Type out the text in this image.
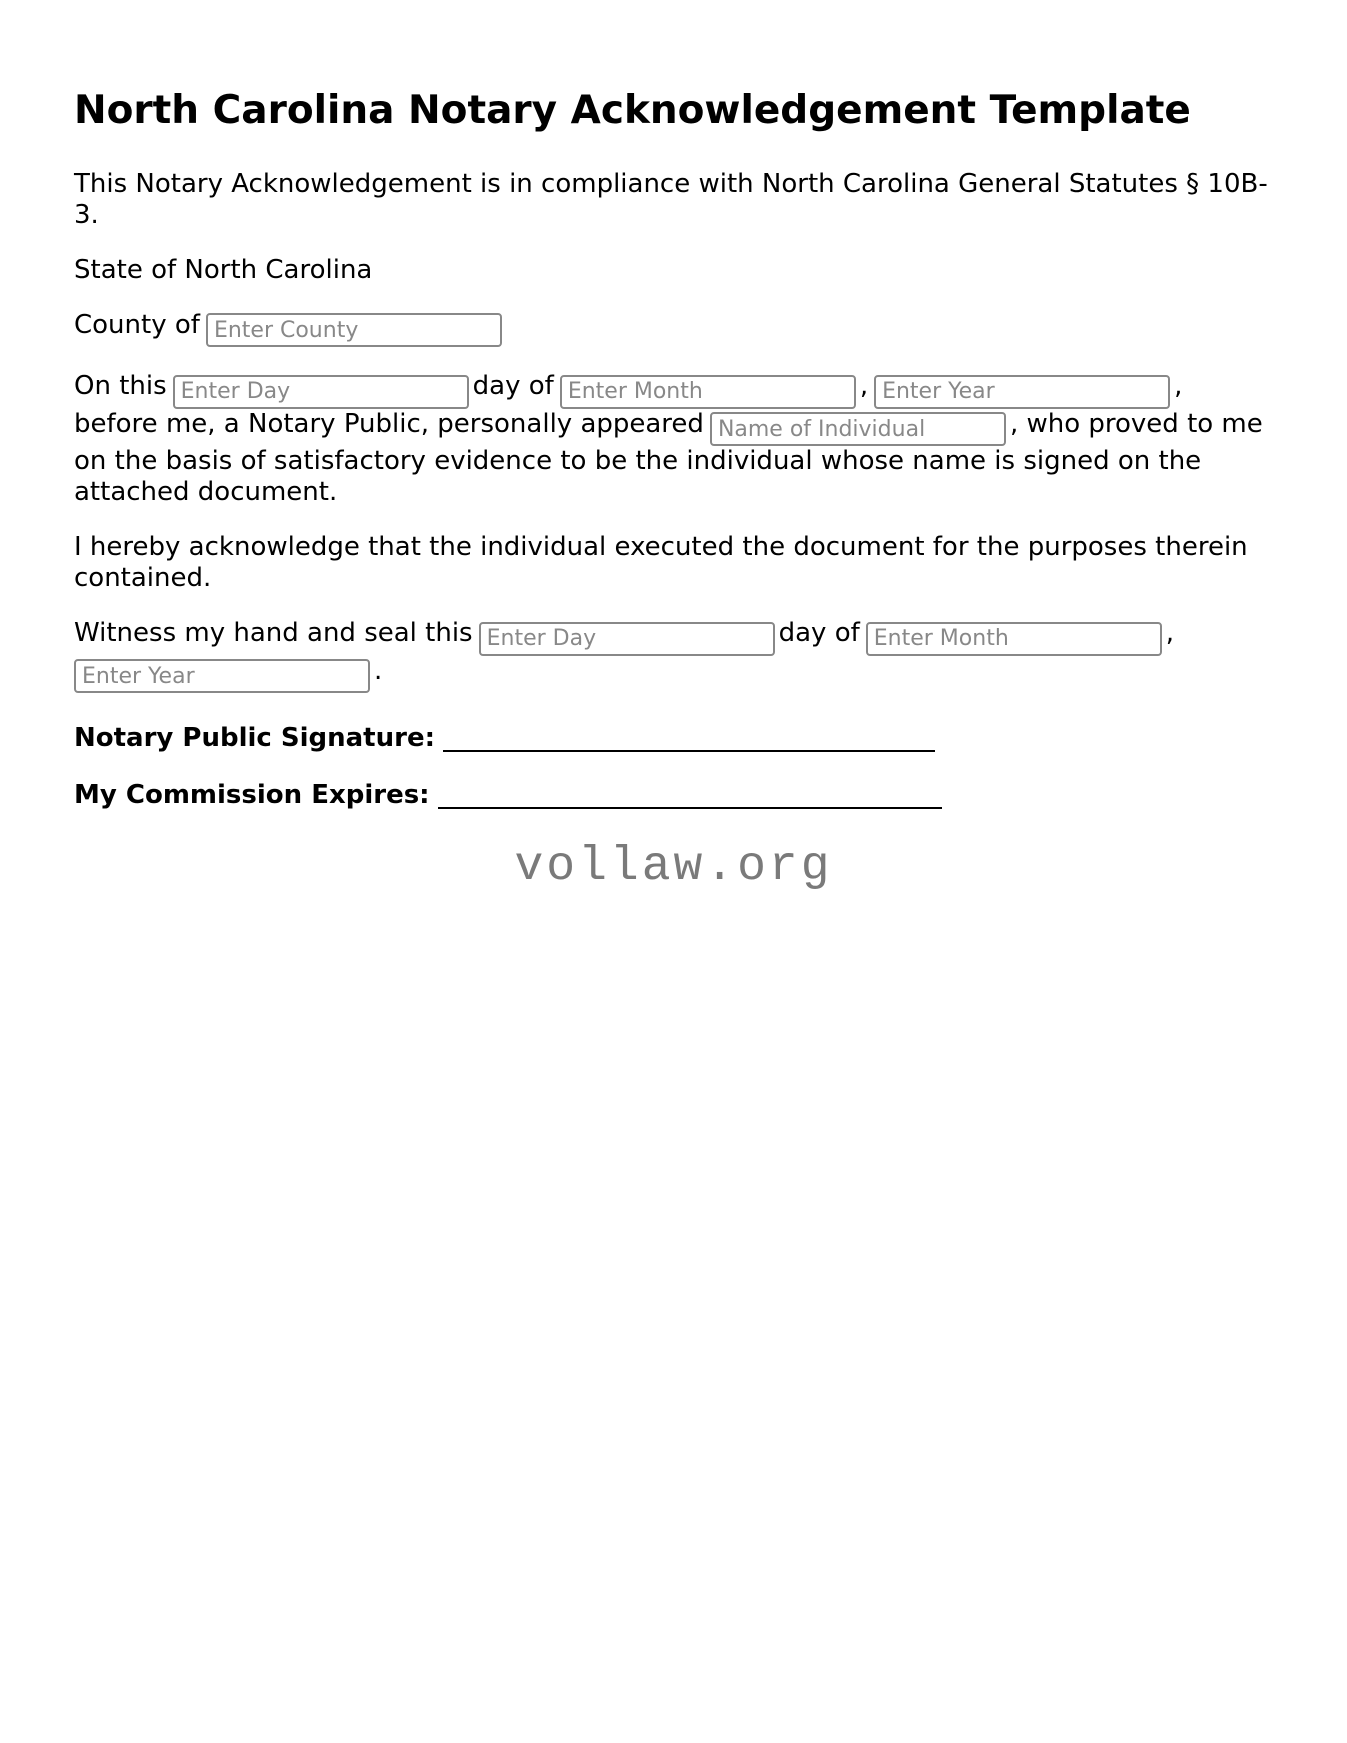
North Carolina Notary Acknowledgement Template

This Notary Acknowledgement is in compliance with North Carolina General Statutes § 10B-3.

State of North Carolina

County ofEnter County

On thisEnter Day	day ofEnter Month	,Enter Year	, before me, a Notary Public, personally appearedName of Individual	, who proved to me on the basis of satisfactory evidence to be the individual whose name is signed on the attached document.

I hereby acknowledge that the individual executed the document for the purposes therein contained.

Witness my hand and seal thisEnter Day	day ofEnter Month	, Enter Year.

Notary Public Signature:
My Commission Expires:
vollaw.org
